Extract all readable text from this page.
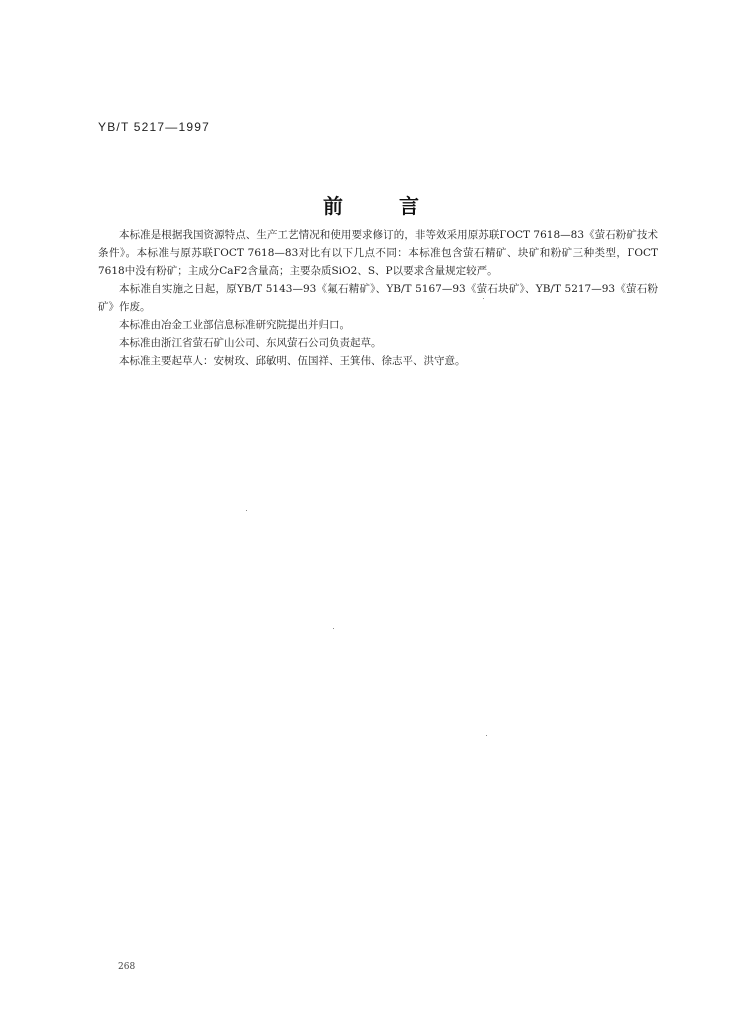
YB/T 5217—1997
前言

本标准是根据我国资源特点、生产工艺情况和使用要求修订的，非等效采用原苏联ГОСТ 7618—83《萤石粉矿技术条件》。本标准与原苏联ГОСТ 7618—83对比有以下几点不同：本标准包含萤石精矿、块矿和粉矿三种类型，ГОСТ 7618中没有粉矿；主成分CaF2含量高；主要杂质SiO2、S、P以要求含量规定较严。

本标准自实施之日起，原YB/T 5143—93《氟石精矿》、YB/T 5167—93《萤石块矿》、YB/T 5217—93《萤石粉矿》作废。

本标准由冶金工业部信息标准研究院提出并归口。

本标准由浙江省萤石矿山公司、东风萤石公司负责起草。

本标准主要起草人：安树玫、邱敏明、伍国祥、王箕伟、徐志平、洪守意。

268
